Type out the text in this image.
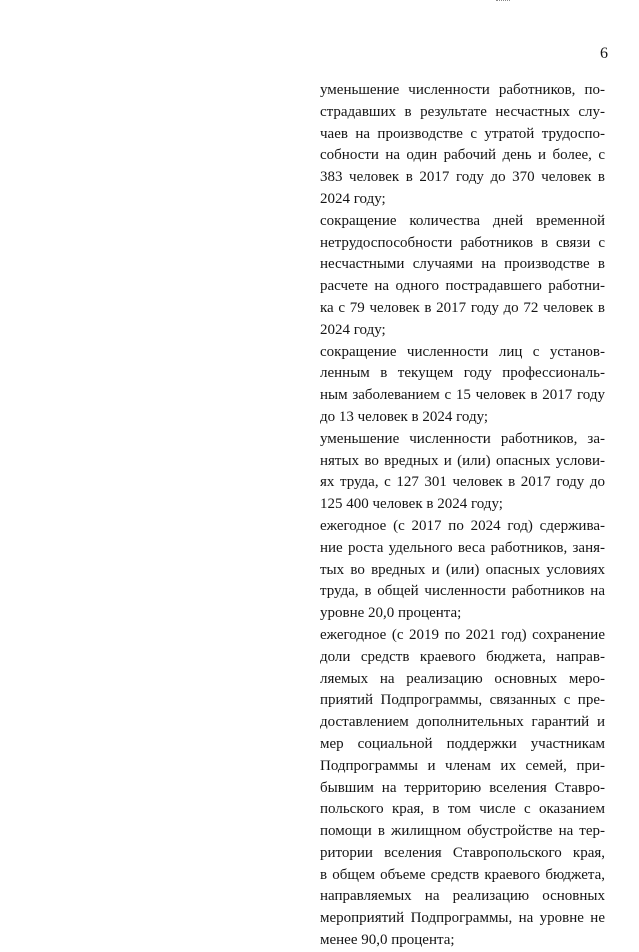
6
уменьшение численности работников, по-
страдавших в результате несчастных слу-
чаев на производстве с утратой трудоспо-
собности на один рабочий день и более, с
383 человек в 2017 году до 370 человек в
2024 году;
сокращение количества дней временной
нетрудоспособности работников в связи с
несчастными случаями на производстве в
расчете на одного пострадавшего работни-
ка с 79 человек в 2017 году до 72 человек в
2024 году;
сокращение численности лиц с установ-
ленным в текущем году профессиональ-
ным заболеванием с 15 человек в 2017 году
до 13 человек в 2024 году;
уменьшение численности работников, за-
нятых во вредных и (или) опасных услови-
ях труда, с 127 301 человек в 2017 году до
125 400 человек в 2024 году;
ежегодное (с 2017 по 2024 год) сдержива-
ние роста удельного веса работников, заня-
тых во вредных и (или) опасных условиях
труда, в общей численности работников на
уровне 20,0 процента;
ежегодное (с 2019 по 2021 год) сохранение
доли средств краевого бюджета, направ-
ляемых на реализацию основных меро-
приятий Подпрограммы, связанных с пре-
доставлением дополнительных гарантий и
мер социальной поддержки участникам
Подпрограммы и членам их семей, при-
бывшим на территорию вселения Ставро-
польского края, в том числе с оказанием
помощи в жилищном обустройстве на тер-
ритории вселения Ставропольского края,
в общем объеме средств краевого бюджета,
направляемых на реализацию основных
мероприятий Подпрограммы, на уровне не
менее 90,0 процента;
